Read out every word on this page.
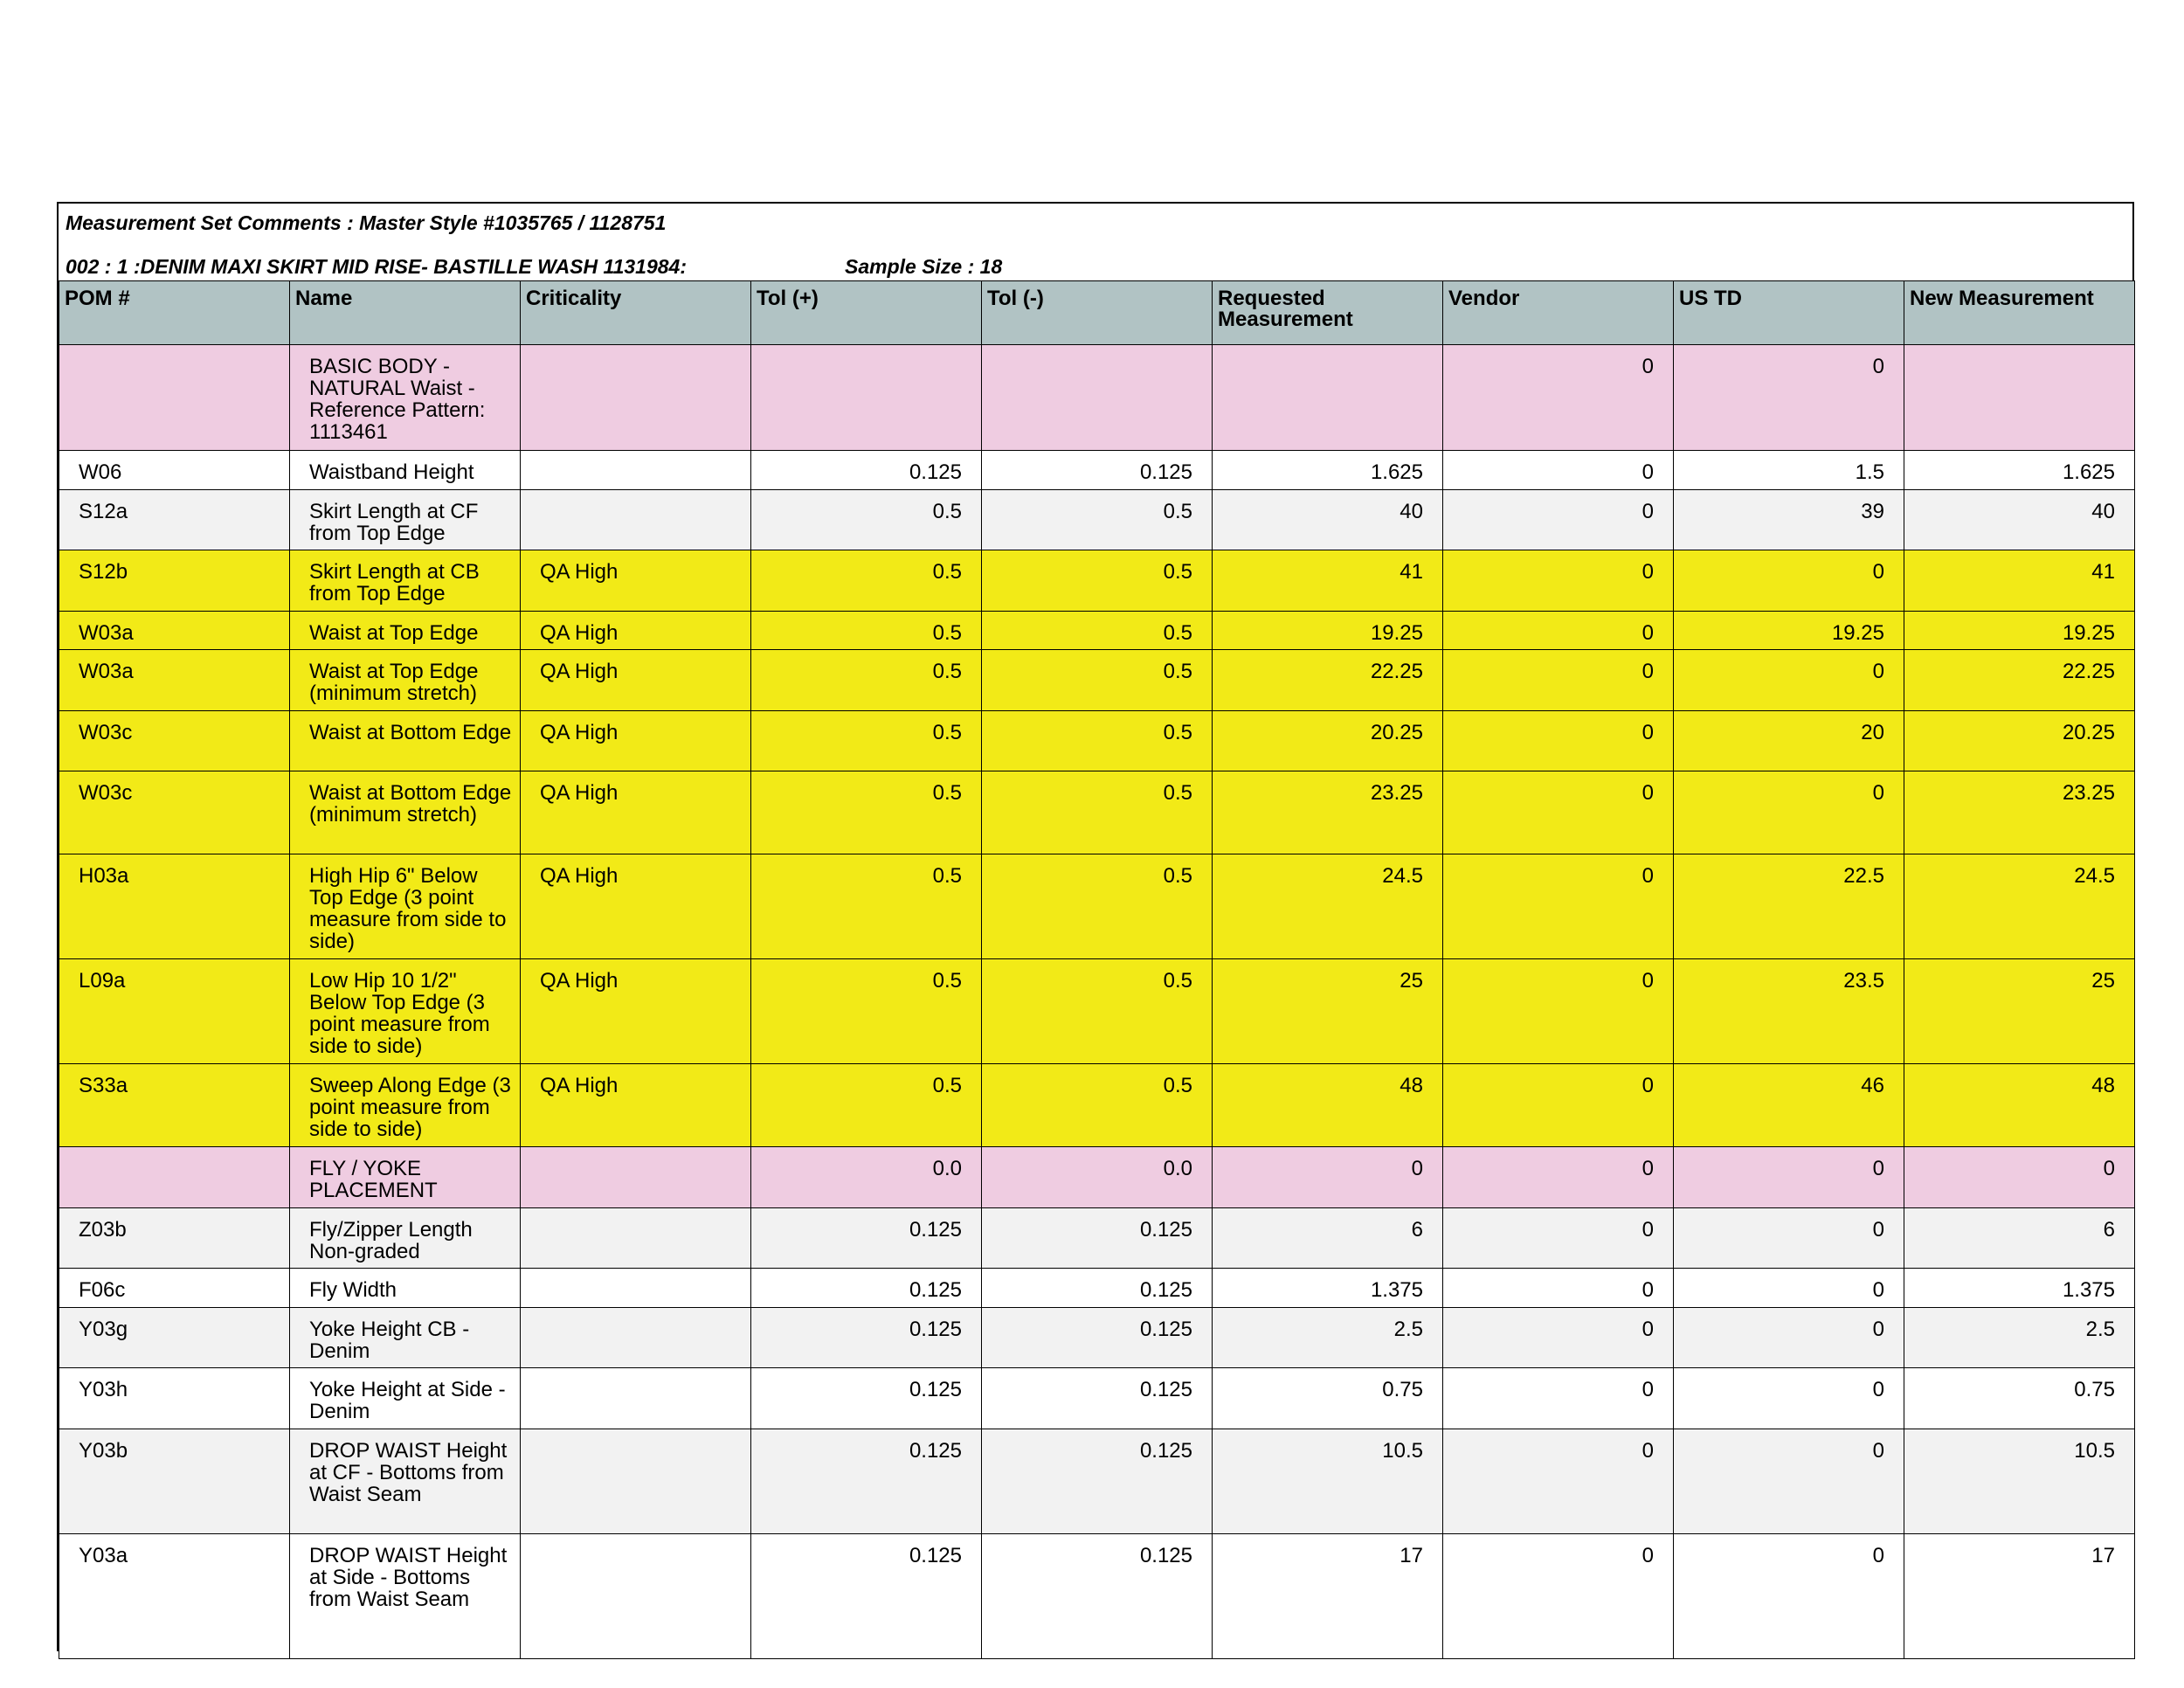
Measurement Set Comments : Master Style #1035765 / 1128751
002 : 1 :DENIM MAXI SKIRT MID RISE- BASTILLE WASH 1131984:	Sample Size : 18
POM #	Name	Criticality	Tol (+)	Tol (-)	Requested Measurement	Vendor	US TD	New Measurement
	BASIC BODY - NATURAL Waist - Reference Pattern: 1113461					0	0	
W06	Waistband Height		0.125	0.125	1.625	0	1.5	1.625
S12a	Skirt Length at CF from Top Edge		0.5	0.5	40	0	39	40
S12b	Skirt Length at CB from Top Edge	QA High	0.5	0.5	41	0	0	41
W03a	Waist at Top Edge	QA High	0.5	0.5	19.25	0	19.25	19.25
W03a	Waist at Top Edge (minimum stretch)	QA High	0.5	0.5	22.25	0	0	22.25
W03c	Waist at Bottom Edge	QA High	0.5	0.5	20.25	0	20	20.25
W03c	Waist at Bottom Edge (minimum stretch)	QA High	0.5	0.5	23.25	0	0	23.25
H03a	High Hip 6" Below Top Edge (3 point measure from side to side)	QA High	0.5	0.5	24.5	0	22.5	24.5
L09a	Low Hip 10 1/2" Below Top Edge (3 point measure from side to side)	QA High	0.5	0.5	25	0	23.5	25
S33a	Sweep Along Edge (3 point measure from side to side)	QA High	0.5	0.5	48	0	46	48
	FLY / YOKE PLACEMENT		0.0	0.0	0	0	0	0
Z03b	Fly/Zipper Length Non-graded		0.125	0.125	6	0	0	6
F06c	Fly Width		0.125	0.125	1.375	0	0	1.375
Y03g	Yoke Height CB - Denim		0.125	0.125	2.5	0	0	2.5
Y03h	Yoke Height at Side - Denim		0.125	0.125	0.75	0	0	0.75
Y03b	DROP WAIST Height at CF - Bottoms from Waist Seam		0.125	0.125	10.5	0	0	10.5
Y03a	DROP WAIST Height at Side - Bottoms from Waist Seam		0.125	0.125	17	0	0	17
